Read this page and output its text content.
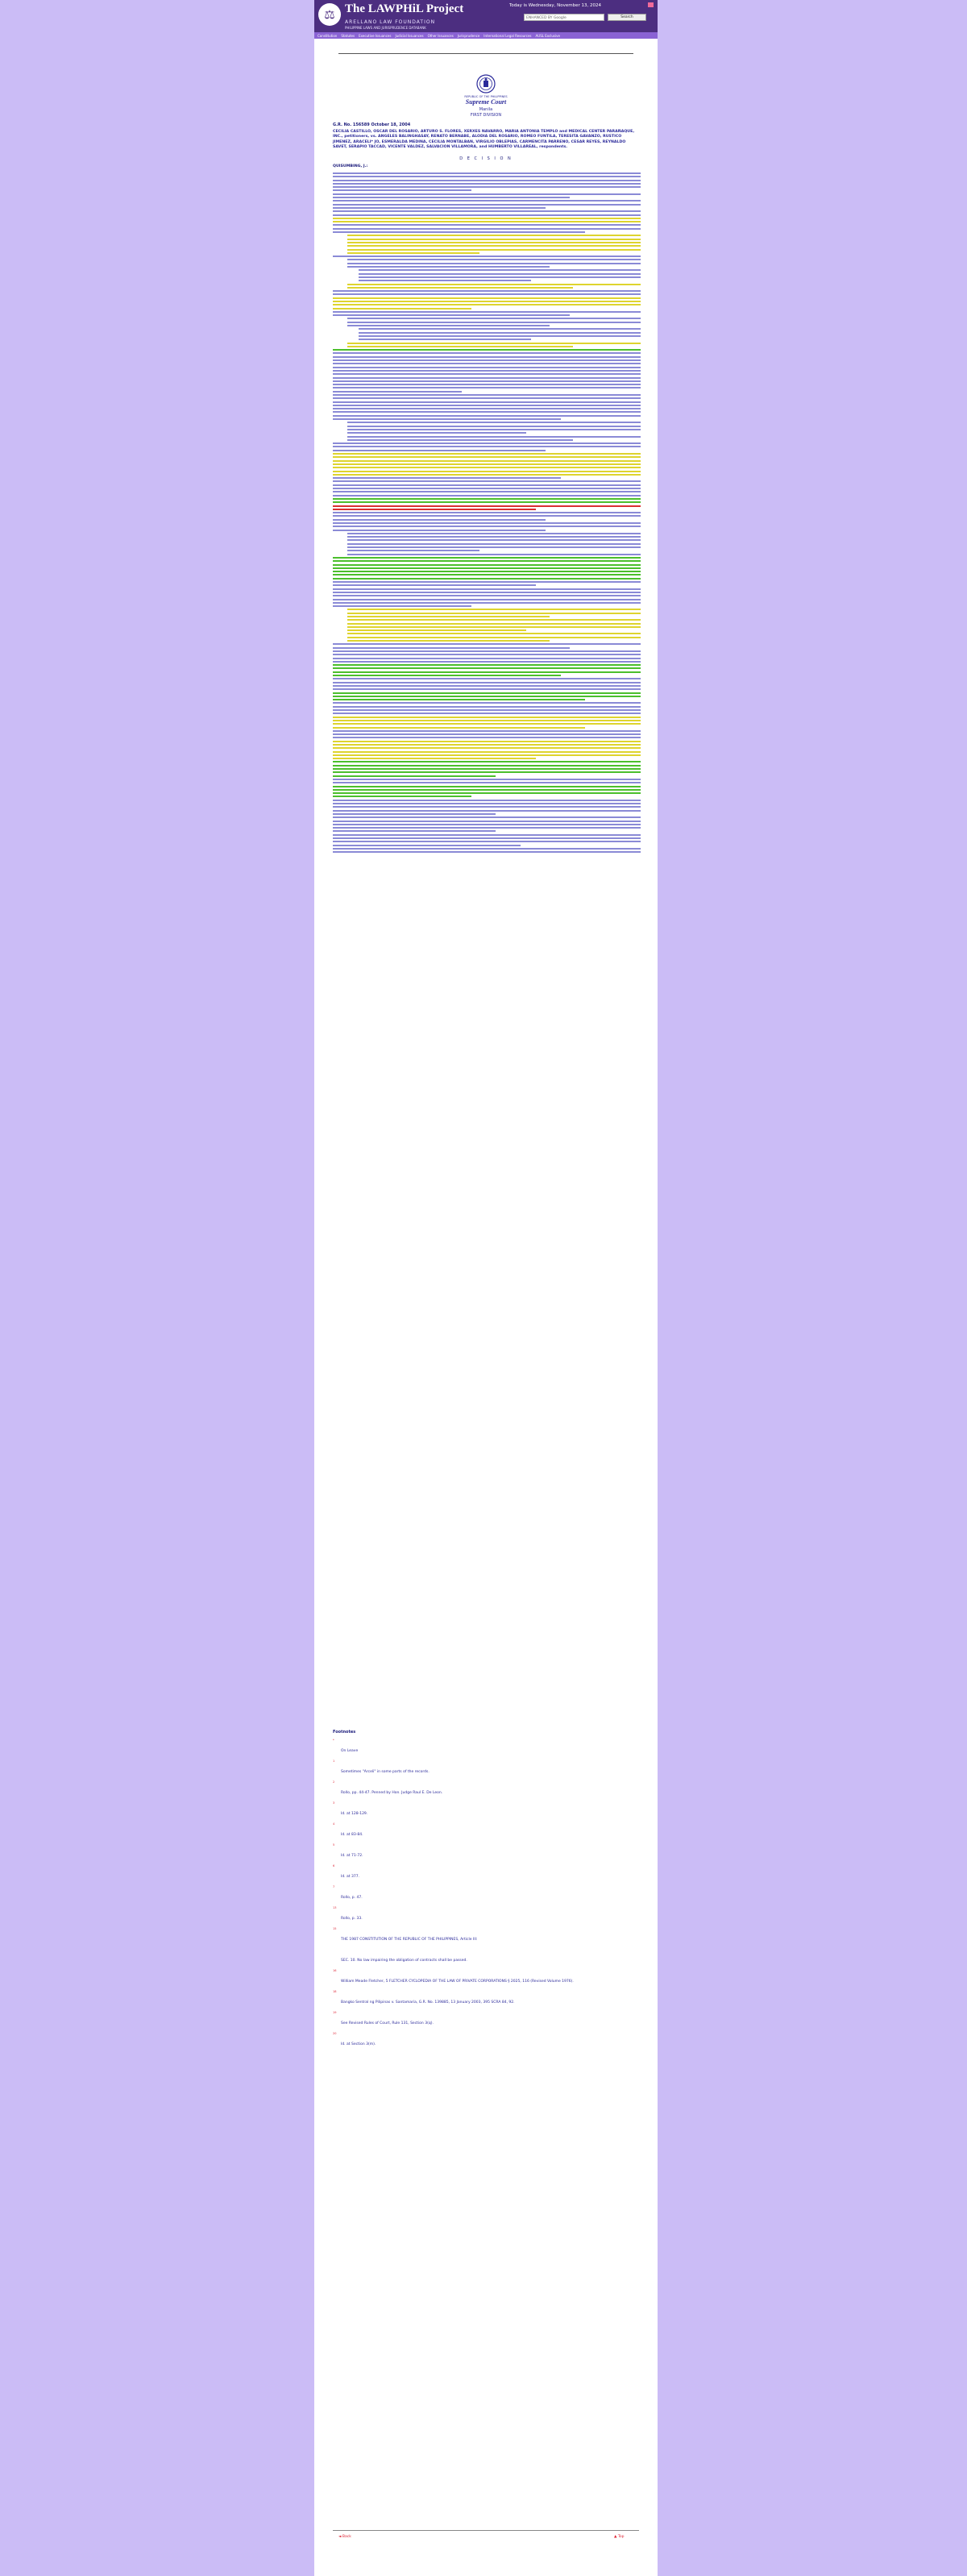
⚖ The LAWPHiL Project
ARELLANO LAW FOUNDATION
PHILIPPINE LAWS AND JURISPRUDENCE DATABANK
Today is Wednesday, November 13, 2024
ENHANCED BY Google	Search
Constitution Statutes Executive Issuances Judicial Issuances Other Issuances Jurisprudence International Legal Resources AUSL Exclusive
REPUBLIC OF THE PHILIPPINES
Supreme Court
Manila
FIRST DIVISION
G.R. No. 156589 October 18, 2004
CECILIA CASTILLO, OSCAR DEL ROSARIO, ARTURO S. FLORES, XERXES NAVARRO, MARIA ANTONIA TEMPLO and MEDICAL CENTER PARAÑAQUE, INC., petitioners, vs. ANGELES BALINGHASAY, RENATO BERNABE, ALODIA DEL ROSARIO, ROMEO FUNTILA, TERESITA GAVANZO, RUSTICO JIMENEZ, ARACELI* JO, ESMERALDA MEDINA, CECILIA MONTALBAN, VIRGILIO OBLEPIAS, CARMENCITA PARRENO, CESAR REYES, REYNALDO SAVET, SERAPIO TACCAD, VICENTE VALDEZ, SALVACION VILLAMORA, and HUMBERTO VILLAREAL, respondents.
D E C I S I O N
QUISUMBING, J.:
Footnotes
*
On Leave
1
Sometimes "Arceli" in some parts of the records.
2
Rollo, pp. 44-47. Penned by Hon. Judge Raul E. De Leon.
3
Id. at 128-129.
4
Id. at 83-84.
5
Id. at 71-72.
6
Id. at 377.
7
Rollo, p. 47.
13
Rollo, p. 33.
15
THE 1987 CONSTITUTION OF THE REPUBLIC OF THE PHILIPPINES, Article III:
SEC. 10. No law impairing the obligation of contracts shall be passed.
16
William Meade Fletcher, 5 FLETCHER CYCLOPEDIA OF THE LAW OF PRIVATE CORPORATIONS § 2025, 116 (Revised Volume 1976).
18
Bangko Sentral ng Pilipinas v. Santamaria, G.R. No. 139885, 13 January 2003, 395 SCRA 84, 92.
19
See Revised Rules of Court, Rule 131, Section 3(q).
20
Id. at Section 3(m).
◄ Back	▲ Top
